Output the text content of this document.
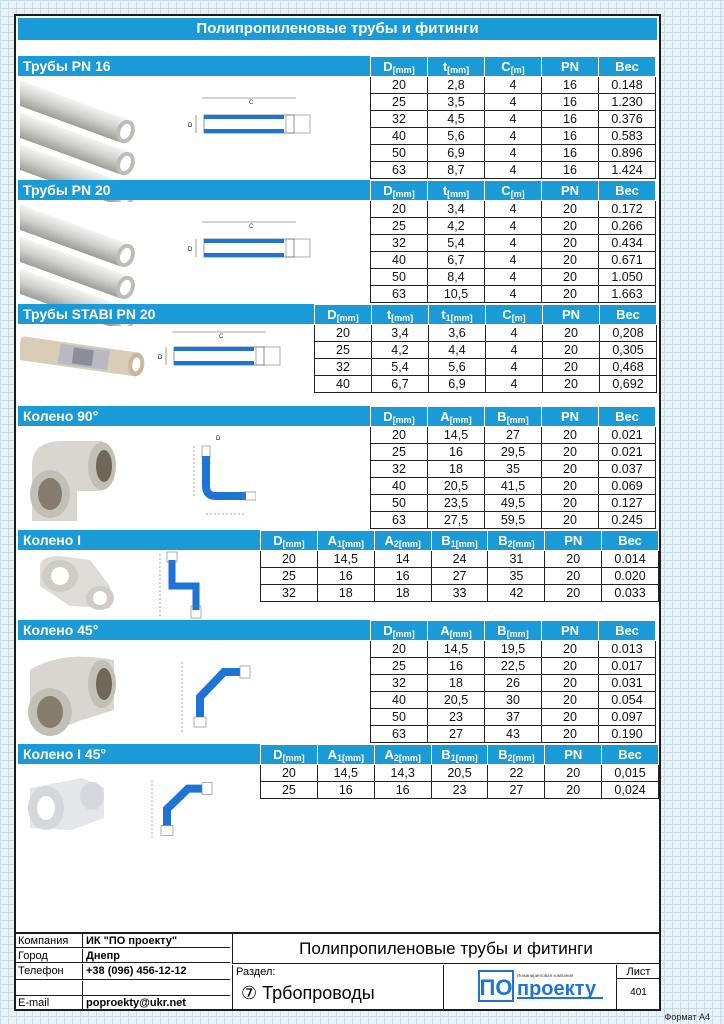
Полипропиленовые трубы и фитинги
Трубы PN 16	$D_{[mm]}$	$t_{[mm]}$	$C_{[m]}$	PN	Вес
20	2,8	4	16	0.148
25	3,5	4	16	1.230
32	4,5	4	16	0.376
40	5,6	4	16	0.583
50	6,9	4	16	0.896
63	8,7	4	16	1.424
C
D
Трубы PN 20	$D_{[mm]}$	$t_{[mm]}$	$C_{[m]}$	PN	Вес
20	3,4	4	20	0.172
25	4,2	4	20	0.266
32	5,4	4	20	0.434
40	6,7	4	20	0.671
50	8,4	4	20	1.050
63	10,5	4	20	1.663
C
D
Трубы STABI PN 20	$D_{[mm]}$	$t_{[mm]}$	$t_{1[mm]}$	$C_{[m]}$	PN	Вес
20	3,4	3,6	4	20	0,208
25	4,2	4,4	4	20	0,305
32	5,4	5,6	4	20	0,468
40	6,7	6,9	4	20	0,692
C
D
Колено 90°	$D_{[mm]}$	$A_{[mm]}$	$B_{[mm]}$	PN	Вес
20	14,5	27	20	0.021
25	16	29,5	20	0.021
32	18	35	20	0.037
40	20,5	41,5	20	0.069
50	23,5	49,5	20	0.127
63	27,5	59,5	20	0.245
D
Колено I	$D_{[mm]}$	$A_{1[mm]}$	$A_{2[mm]}$	$B_{1[mm]}$	$B_{2[mm]}$	PN	Вес
20	14,5	14	24	31	20	0.014
25	16	16	27	35	20	0.020
32	18	18	33	42	20	0.033
Колено 45°	$D_{[mm]}$	$A_{[mm]}$	$B_{[mm]}$	PN	Вес
20	14,5	19,5	20	0.013
25	16	22,5	20	0.017
32	18	26	20	0.031
40	20,5	30	20	0.054
50	23	37	20	0.097
63	27	43	20	0.190
Колено I 45°	$D_{[mm]}$	$A_{1[mm]}$	$A_{2[mm]}$	$B_{1[mm]}$	$B_{2[mm]}$	PN	Вес
20	14,5	14,3	20,5	22	20	0,015
25	16	16	23	27	20	0,024
Компания ИК "ПО проекту"
Город	Днепр
Телефон +38 (096) 456-12-12
E-mail	poproekty@ukr.net
Полипропиленовые трубы и фитинги
Раздел:
⑦ Трбопроводы	ПО Инжиниринговая компания
проекту
Лист
401
Формат А4
